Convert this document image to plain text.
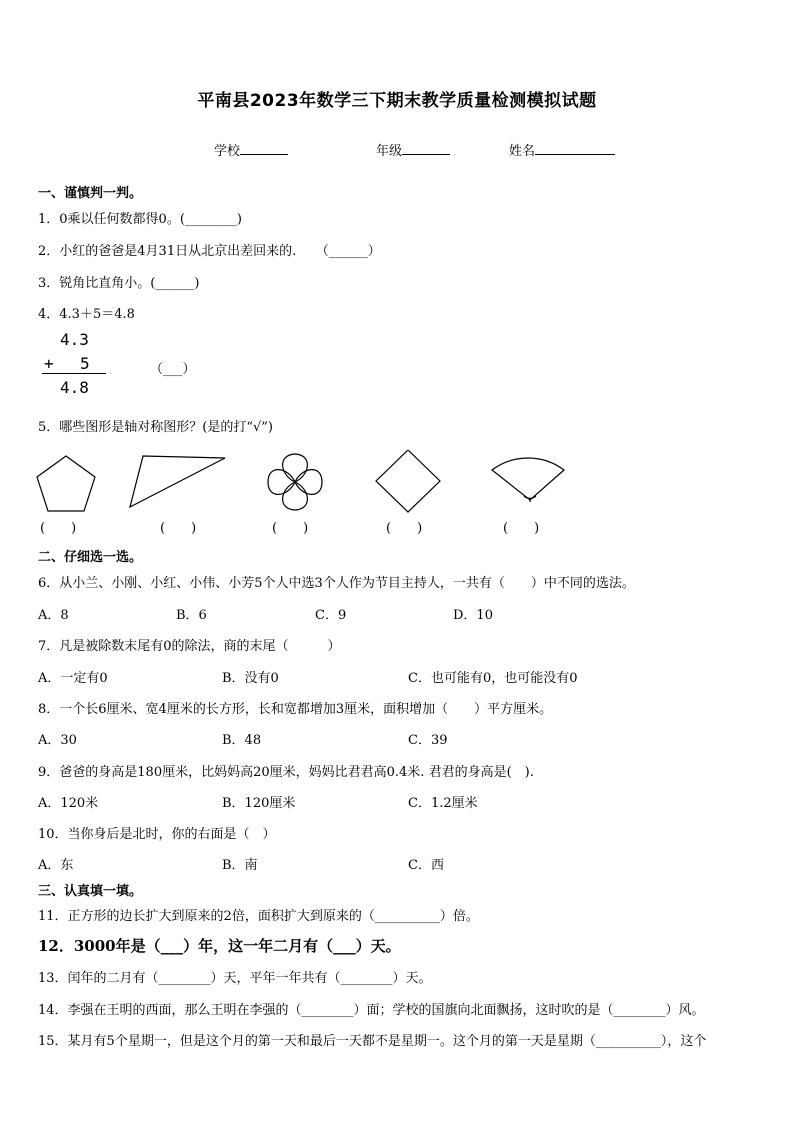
平南县2023年数学三下期末教学质量检测模拟试题
学校	年级	姓名
一、谨慎判一判。
1．0乘以任何数都得0。(________)
2．小红的爸爸是4月31日从北京出差回来的.　　（______）
3．锐角比直角小。(______)
4．4.3＋5＝4.8
4.3
+ 5
4.8
（___）
5．哪些图形是轴对称图形？(是的打“√”)
(　　)	(　　)	(　　)	(　　)	(　　)
二、仔细选一选。
6．从小兰、小刚、小红、小伟、小芳5个人中选3个人作为节目主持人，一共有（　　）中不同的选法。
A．8	B．6	C．9	D．10
7．凡是被除数末尾有0的除法，商的末尾（　　　）
A．一定有0	B．没有0	C．也可能有0，也可能没有0
8．一个长6厘米、宽4厘米的长方形，长和宽都增加3厘米，面积增加（　　）平方厘米。
A．30	B．48	C．39
9．爸爸的身高是180厘米，比妈妈高20厘米，妈妈比君君高0.4米. 君君的身高是(　).
A．120米	B．120厘米	C．1.2厘米
10．当你身后是北时，你的右面是（　）
A．东	B．南	C．西
三、认真填一填。
11．正方形的边长扩大到原来的2倍，面积扩大到原来的（__________）倍。
12．3000年是（___）年，这一年二月有（___）天。
13．闰年的二月有（________）天，平年一年共有（________）天。
14．李强在王明的西面，那么王明在李强的（________）面；学校的国旗向北面飘扬，这时吹的是（________）风。
15．某月有5个星期一，但是这个月的第一天和最后一天都不是星期一。这个月的第一天是星期（__________），这个
